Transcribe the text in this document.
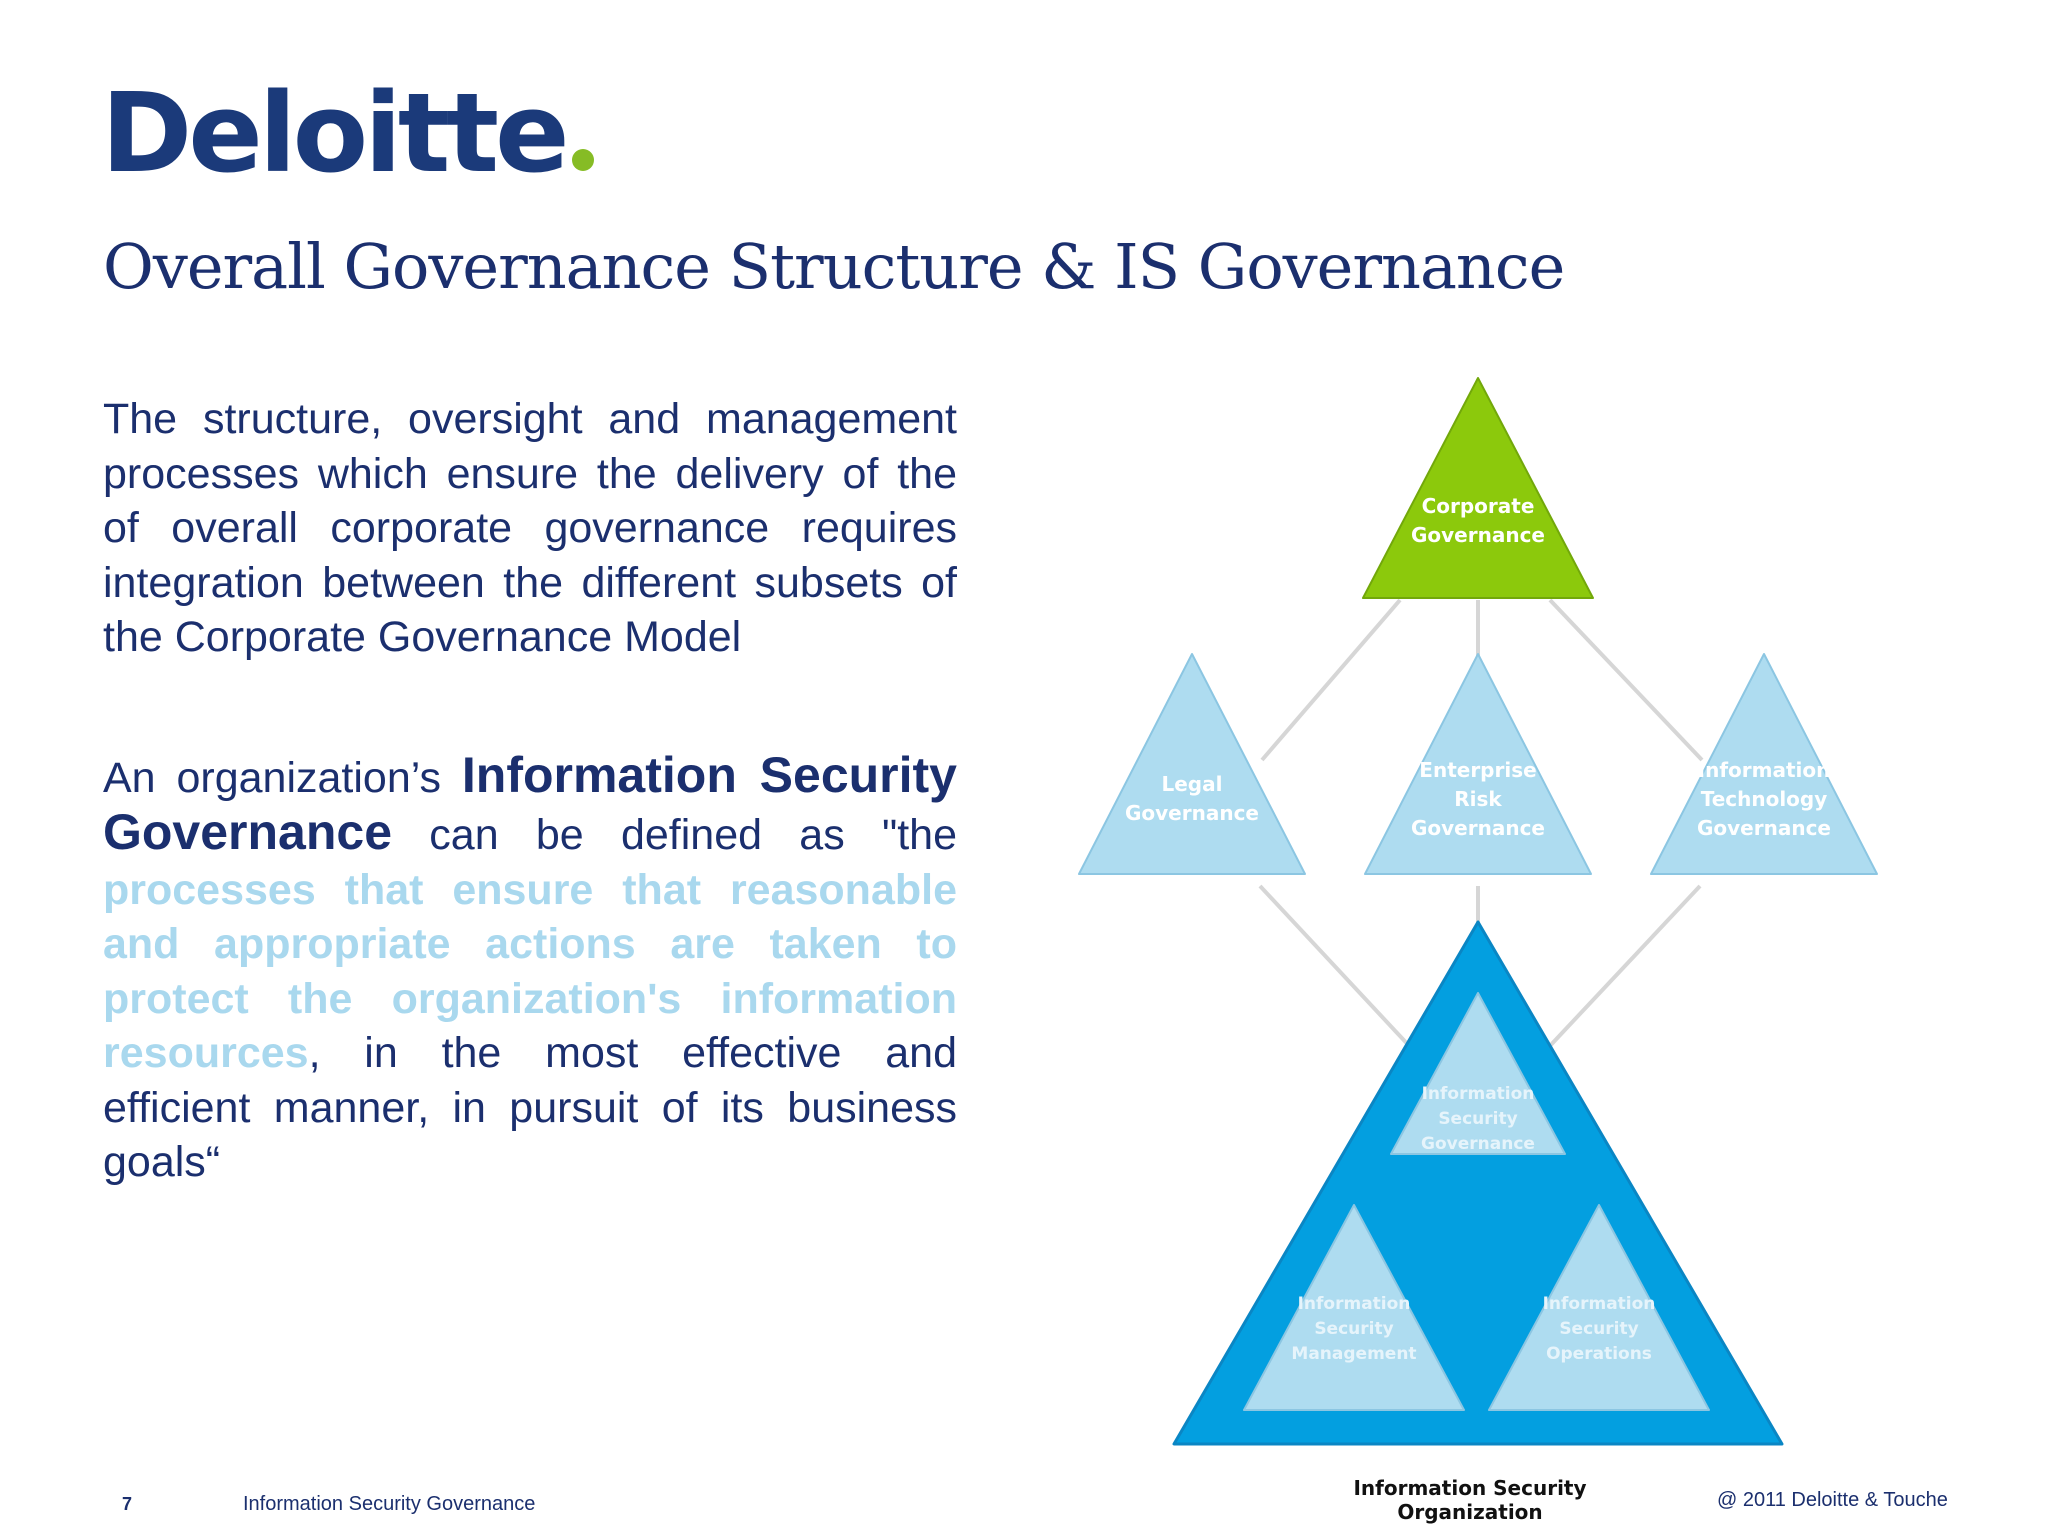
Deloitte
Overall Governance Structure & IS Governance

The structure, oversight and management processes which ensure the delivery of the of overall corporate governance requires integration between the different subsets of the Corporate Governance Model

An organization’s Information Security Governance can be defined as "the processes that ensure that reasonable and appropriate actions are taken to protect the organization's information resources, in the most effective and efficient manner, in pursuit of its business goals“

Corporate
Governance
Legal
Governance
Enterprise
Risk
Governance
Information
Technology
Governance
Information
Security
Governance
Information
Security
Management
Information
Security
Operations
Information Security Organization
7	Information Security Governance	@ 2011 Deloitte & Touche
